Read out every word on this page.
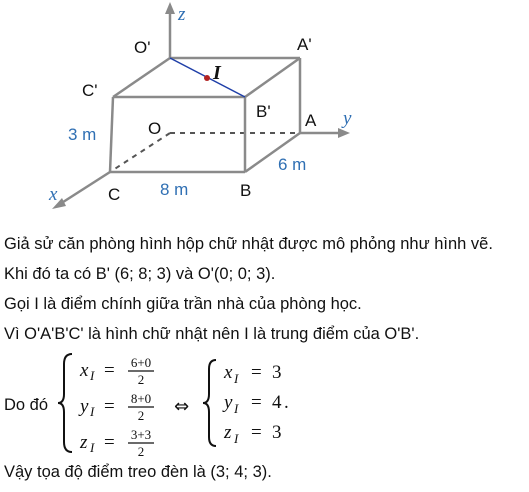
z
y
x
O'	A'
C'
B'
O	A
B
C
I
3 m
8 m
6 m
Giả sử căn phòng hình hộp chữ nhật được mô phỏng như hình vẽ.
Khi đó ta có B' (6; 8; 3) và O'(0; 0; 3).
Gọi I là điểm chính giữa trần nhà của phòng học.
Vì O'A'B'C' là hình chữ nhật nên I là trung điểm của O'B'.
Do đó
x I = 6+0
2
y I = 8+0
2
z I = 3+3
2
⇔
x I = 3
y I = 4 .
z I = 3
Vậy tọa độ điểm treo đèn là (3; 4; 3).
